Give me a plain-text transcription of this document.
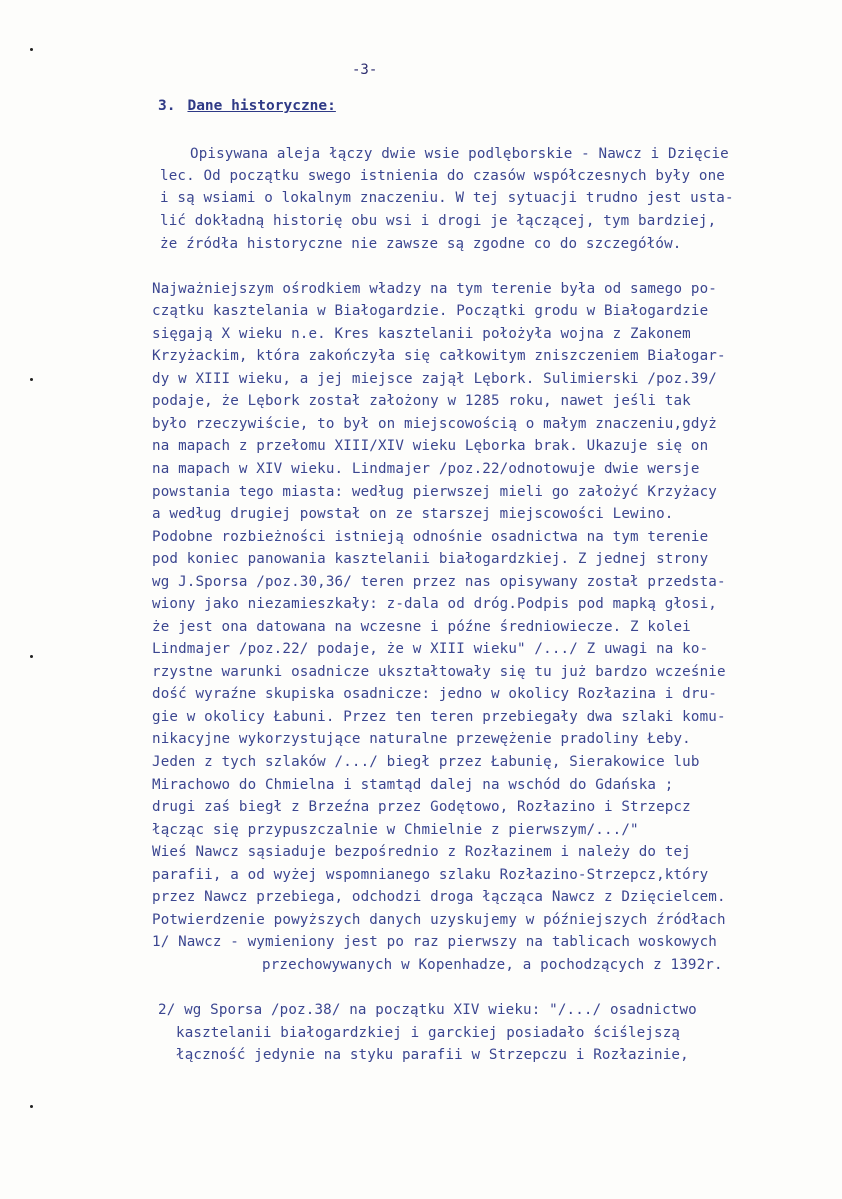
-3-
3. Dane historyczne:
Opisywana aleja łączy dwie wsie podlęborskie - Nawcz i Dzięcie
lec. Od początku swego istnienia do czasów współczesnych były one
i są wsiami o lokalnym znaczeniu. W tej sytuacji trudno jest usta-
lić dokładną historię obu wsi i drogi je łączącej, tym bardziej,
że źródła historyczne nie zawsze są zgodne co do szczegółów.
Najważniejszym ośrodkiem władzy na tym terenie była od samego po-
czątku kasztelania w Białogardzie. Początki grodu w Białogardzie
sięgają X wieku n.e. Kres kasztelanii położyła wojna z Zakonem
Krzyżackim, która zakończyła się całkowitym zniszczeniem Białogar-
dy w XIII wieku, a jej miejsce zajął Lębork. Sulimierski /poz.39/
podaje, że Lębork został założony w 1285 roku, nawet jeśli tak
było rzeczywiście, to był on miejscowością o małym znaczeniu,gdyż
na mapach z przełomu XIII/XIV wieku Lęborka brak. Ukazuje się on
na mapach w XIV wieku. Lindmajer /poz.22/odnotowuje dwie wersje
powstania tego miasta: według pierwszej mieli go założyć Krzyżacy
a według drugiej powstał on ze starszej miejscowości Lewino.
Podobne rozbieżności istnieją odnośnie osadnictwa na tym terenie
pod koniec panowania kasztelanii białogardzkiej. Z jednej strony
wg J.Sporsa /poz.30,36/ teren przez nas opisywany został przedsta-
wiony jako niezamieszkały: z-dala od dróg.Podpis pod mapką głosi,
że jest ona datowana na wczesne i późne średniowiecze. Z kolei
Lindmajer /poz.22/ podaje, że w XIII wieku" /.../ Z uwagi na ko-
rzystne warunki osadnicze ukształtowały się tu już bardzo wcześnie
dość wyraźne skupiska osadnicze: jedno w okolicy Rozłazina i dru-
gie w okolicy Łabuni. Przez ten teren przebiegały dwa szlaki komu-
nikacyjne wykorzystujące naturalne przewężenie pradoliny Łeby.
Jeden z tych szlaków /.../ biegł przez Łabunię, Sierakowice lub
Mirachowo do Chmielna i stamtąd dalej na wschód do Gdańska ;
drugi zaś biegł z Brzeźna przez Godętowo, Rozłazino i Strzepcz
łącząc się przypuszczalnie w Chmielnie z pierwszym/.../"
Wieś Nawcz sąsiaduje bezpośrednio z Rozłazinem i należy do tej
parafii, a od wyżej wspomnianego szlaku Rozłazino-Strzepcz,który
przez Nawcz przebiega, odchodzi droga łącząca Nawcz z Dzięcielcem.
Potwierdzenie powyższych danych uzyskujemy w późniejszych źródłach
1/ Nawcz - wymieniony jest po raz pierwszy na tablicach woskowych
przechowywanych w Kopenhadze, a pochodzących z 1392r.
2/ wg Sporsa /poz.38/ na początku XIV wieku: "/.../ osadnictwo
kasztelanii białogardzkiej i garckiej posiadało ściślejszą
łączność jedynie na styku parafii w Strzepczu i Rozłazinie,
